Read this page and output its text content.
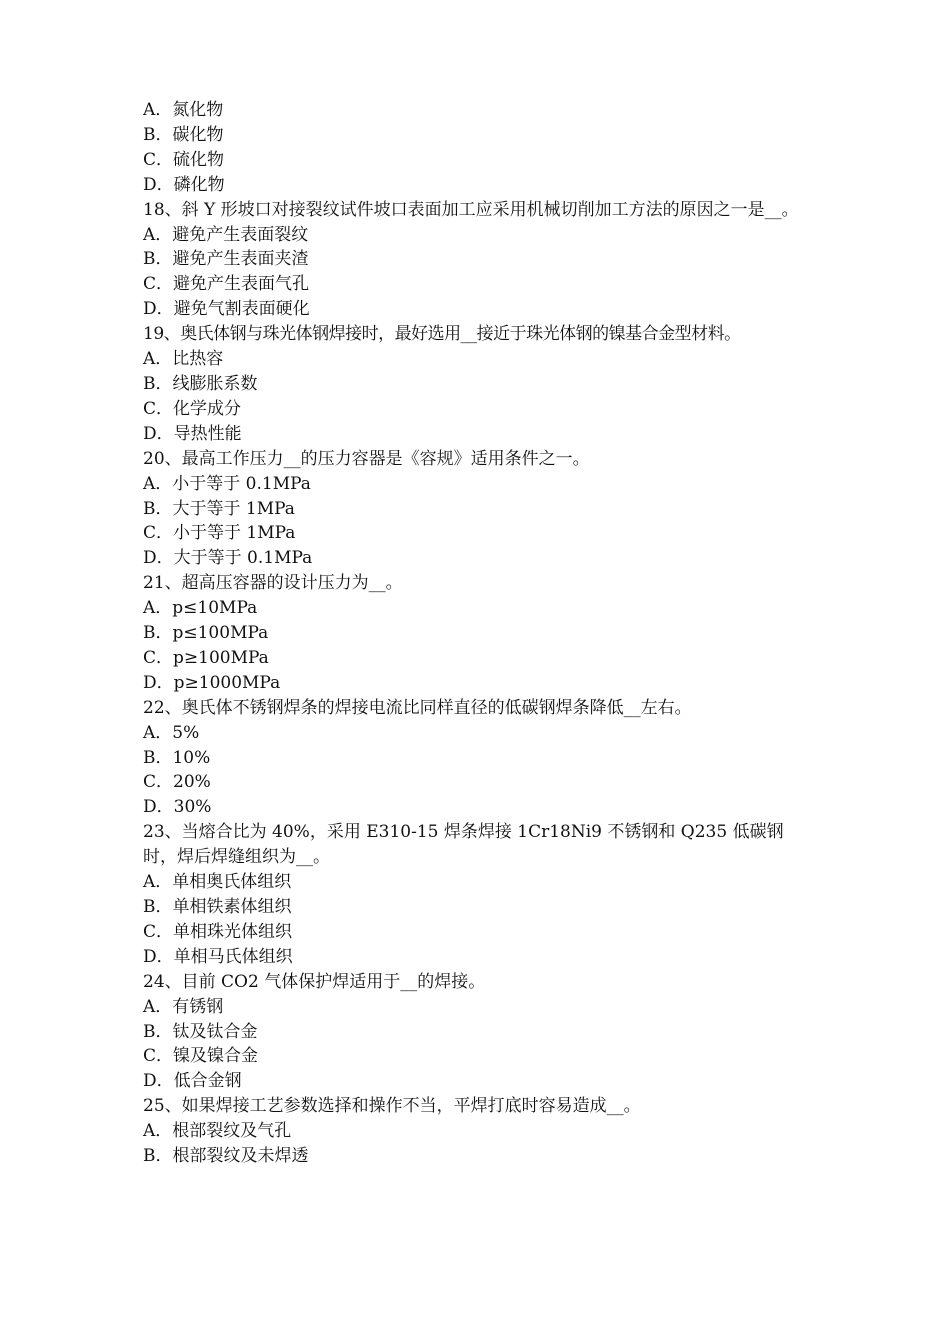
A．氮化物
B．碳化物
C．硫化物
D．磷化物
18、斜 Y 形坡口对接裂纹试件坡口表面加工应采用机械切削加工方法的原因之一是__。
A．避免产生表面裂纹
B．避免产生表面夹渣
C．避免产生表面气孔
D．避免气割表面硬化
19、奥氏体钢与珠光体钢焊接时，最好选用__接近于珠光体钢的镍基合金型材料。
A．比热容
B．线膨胀系数
C．化学成分
D．导热性能
20、最高工作压力__的压力容器是《容规》适用条件之一。
A．小于等于 0.1MPa
B．大于等于 1MPa
C．小于等于 1MPa
D．大于等于 0.1MPa
21、超高压容器的设计压力为__。
A．p≤10MPa
B．p≤100MPa
C．p≥100MPa
D．p≥1000MPa
22、奥氏体不锈钢焊条的焊接电流比同样直径的低碳钢焊条降低__左右。
A．5%
B．10%
C．20%
D．30%
23、当熔合比为 40%，采用 E310-15 焊条焊接 1Cr18Ni9 不锈钢和 Q235 低碳钢时，焊后焊缝组织为__。
A．单相奥氏体组织
B．单相铁素体组织
C．单相珠光体组织
D．单相马氏体组织
24、目前 CO2 气体保护焊适用于__的焊接。
A．有锈钢
B．钛及钛合金
C．镍及镍合金
D．低合金钢
25、如果焊接工艺参数选择和操作不当，平焊打底时容易造成__。
A．根部裂纹及气孔
B．根部裂纹及未焊透
